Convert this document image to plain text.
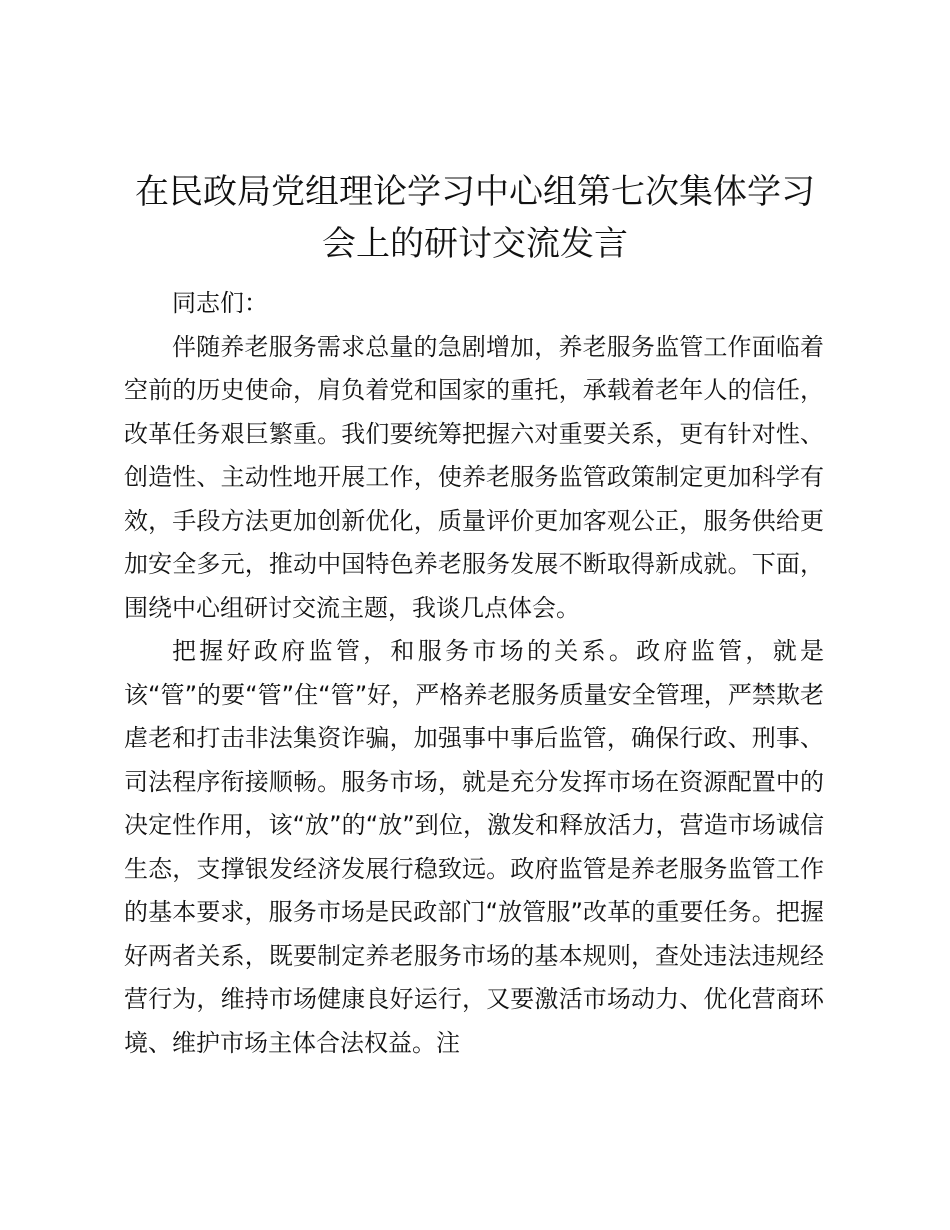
在民政局党组理论学习中心组第七次集体学习
会上的研讨交流发言

同志们：

伴随养老服务需求总量的急剧增加，养老服务监管工作面临着空前的历史使命，肩负着党和国家的重托，承载着老年人的信任，改革任务艰巨繁重。我们要统筹把握六对重要关系，更有针对性、创造性、主动性地开展工作，使养老服务监管政策制定更加科学有效，手段方法更加创新优化，质量评价更加客观公正，服务供给更加安全多元，推动中国特色养老服务发展不断取得新成就。下面，围绕中心组研讨交流主题，我谈几点体会。

把握好政府监管，和服务市场的关系。政府监管，就是该“管”的要“管”住“管”好，严格养老服务质量安全管理，严禁欺老虐老和打击非法集资诈骗，加强事中事后监管，确保行政、刑事、司法程序衔接顺畅。服务市场，就是充分发挥市场在资源配置中的决定性作用，该“放”的“放”到位，激发和释放活力，营造市场诚信生态，支撑银发经济发展行稳致远。政府监管是养老服务监管工作的基本要求，服务市场是民政部门“放管服”改革的重要任务。把握好两者关系，既要制定养老服务市场的基本规则，查处违法违规经营行为，维持市场健康良好运行，又要激活市场动力、优化营商环境、维护市场主体合法权益。注
